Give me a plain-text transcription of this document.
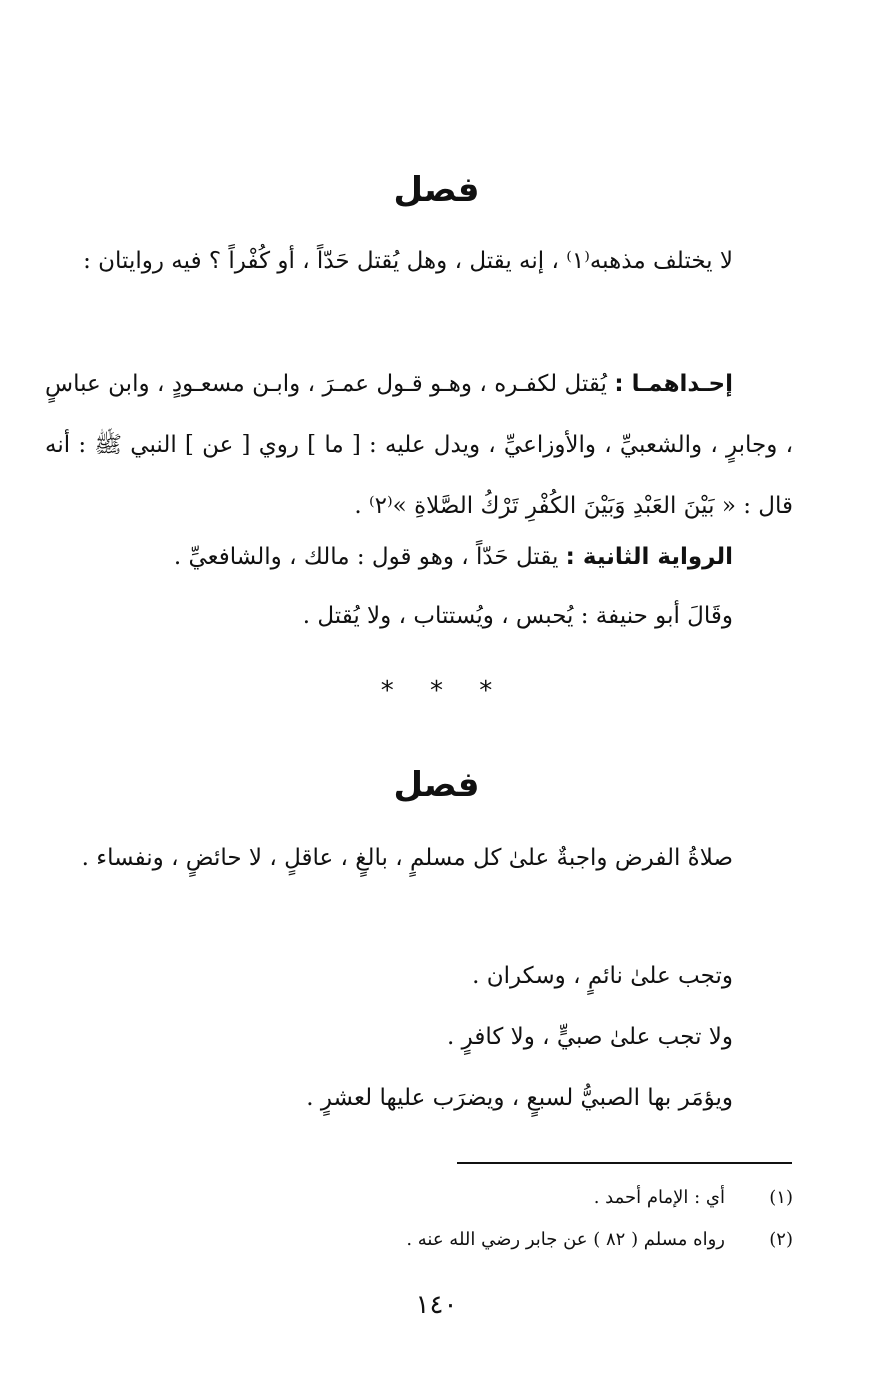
فصل
لا يختلف مذهبه⁽١⁾ ، إنه يقتل ، وهل يُقتل حَدّاً ، أو كُفْراً ؟ فيه روايتان :
إحـداهمـا : يُقتل لكفـره ، وهـو قـول عمـرَ ، وابـن مسعـودٍ ، وابن عباسٍ ، وجابرٍ ، والشعبيِّ ، والأوزاعيِّ ، ويدل عليه : [ ما ] روي [ عن ] النبي ﷺ : أنه قال : « بَيْنَ العَبْدِ وَبَيْنَ الكُفْرِ تَرْكُ الصَّلاةِ »⁽٢⁾ .
الرواية الثانية : يقتل حَدّاً ، وهو قول : مالك ، والشافعيِّ .
وقَالَ أبو حنيفة : يُحبس ، ويُستتاب ، ولا يُقتل .
* * *
فصل
صلاةُ الفرض واجبةٌ علىٰ كل مسلمٍ ، بالغٍ ، عاقلٍ ، لا حائضٍ ، ونفساء .
وتجب علىٰ نائمٍ ، وسكران .
ولا تجب علىٰ صبيٍّ ، ولا كافرٍ .
ويؤمَر بها الصبيُّ لسبعٍ ، ويضرَب عليها لعشرٍ .
(١)أي : الإمام أحمد .
(٢)رواه مسلم ( ٨٢ ) عن جابر رضي الله عنه .
١٤٠
